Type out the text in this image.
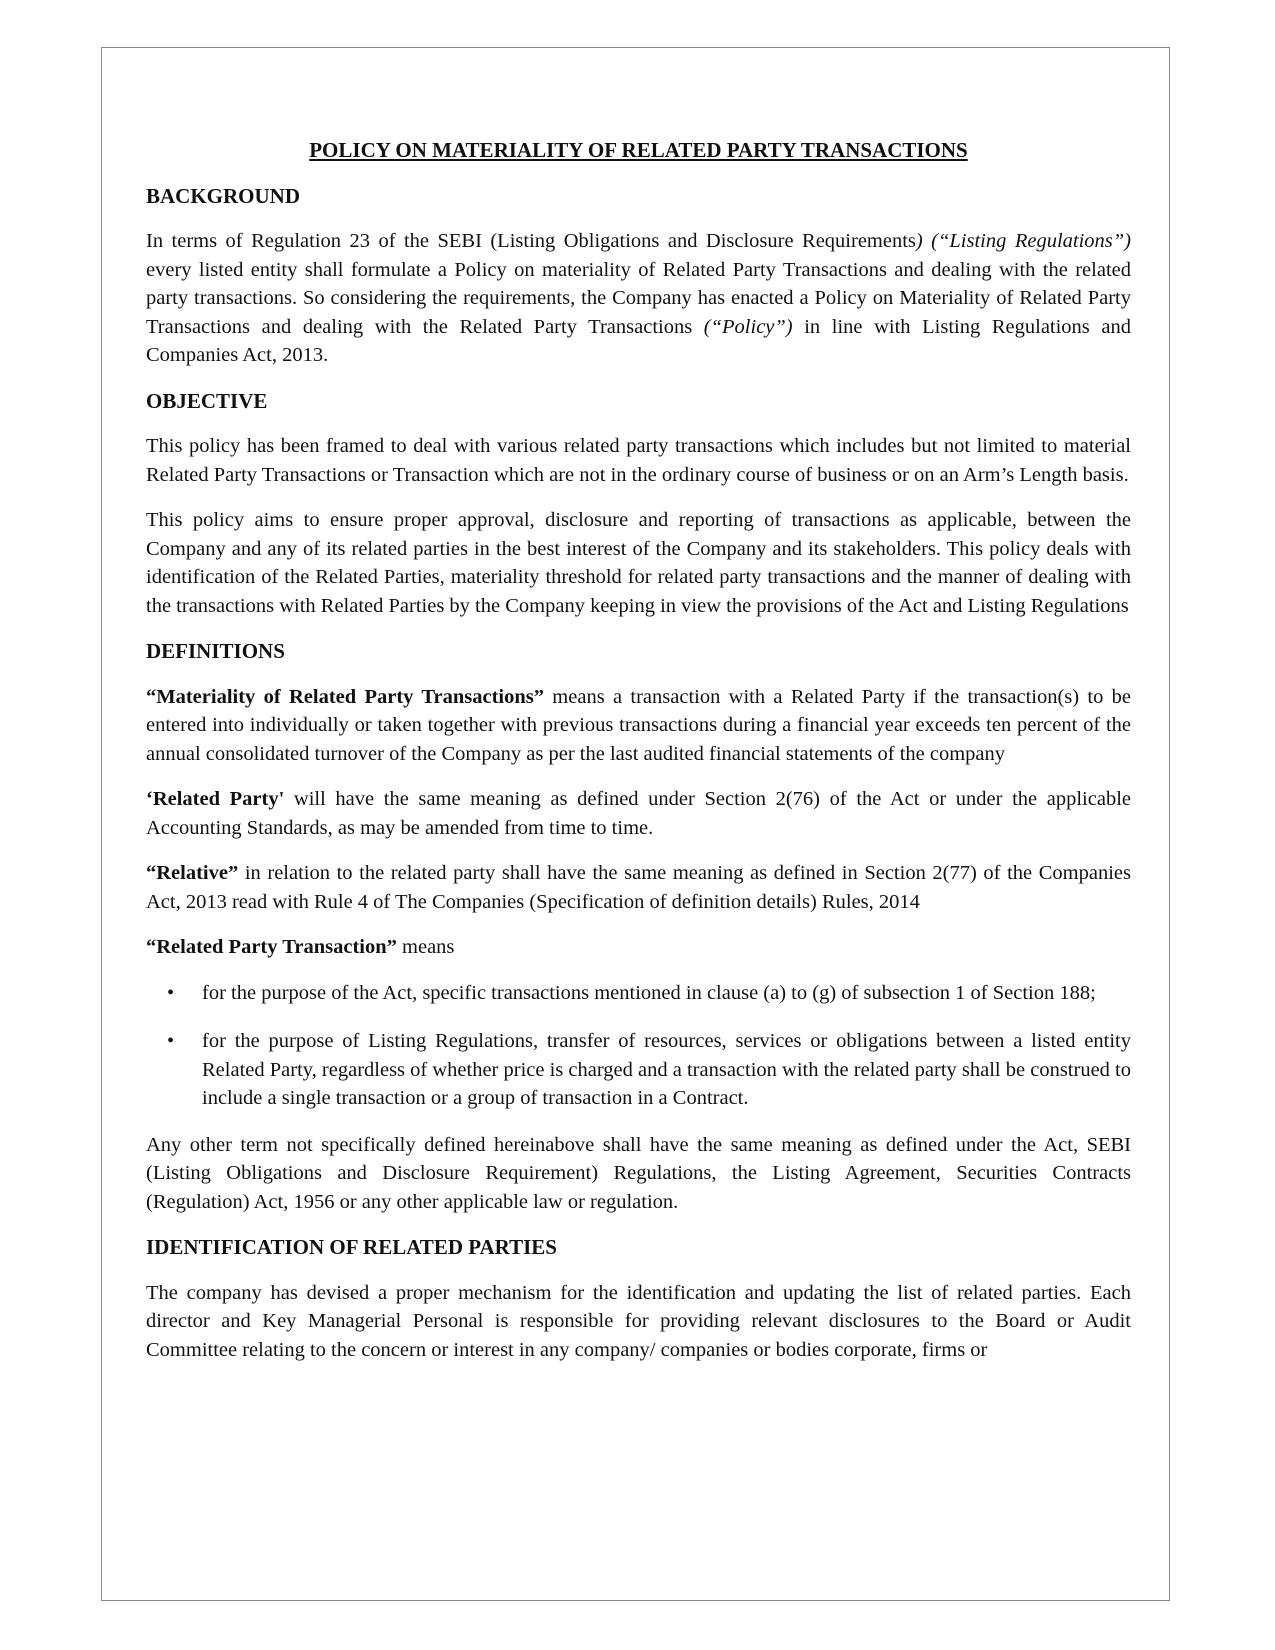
POLICY ON MATERIALITY OF RELATED PARTY TRANSACTIONS
BACKGROUND

In terms of Regulation 23 of the SEBI (Listing Obligations and Disclosure Requirements) (“Listing Regulations”) every listed entity shall formulate a Policy on materiality of Related Party Transactions and dealing with the related party transactions. So considering the requirements, the Company has enacted a Policy on Materiality of Related Party Transactions and dealing with the Related Party Transactions (“Policy”) in line with Listing Regulations and Companies Act, 2013.

OBJECTIVE

This policy has been framed to deal with various related party transactions which includes but not limited to material Related Party Transactions or Transaction which are not in the ordinary course of business or on an Arm’s Length basis.

This policy aims to ensure proper approval, disclosure and reporting of transactions as applicable, between the Company and any of its related parties in the best interest of the Company and its stakeholders. This policy deals with identification of the Related Parties, materiality threshold for related party transactions and the manner of dealing with the transactions with Related Parties by the Company keeping in view the provisions of the Act and Listing Regulations

DEFINITIONS

“Materiality of Related Party Transactions” means a transaction with a Related Party if the transaction(s) to be entered into individually or taken together with previous transactions during a financial year exceeds ten percent of the annual consolidated turnover of the Company as per the last audited financial statements of the company

‘Related Party' will have the same meaning as defined under Section 2(76) of the Act or under the applicable Accounting Standards, as may be amended from time to time.

“Relative” in relation to the related party shall have the same meaning as defined in Section 2(77) of the Companies Act, 2013 read with Rule 4 of The Companies (Specification of definition details) Rules, 2014

“Related Party Transaction” means

• for the purpose of the Act, specific transactions mentioned in clause (a) to (g) of subsection 1 of Section 188;
• for the purpose of Listing Regulations, transfer of resources, services or obligations between a listed entity Related Party, regardless of whether price is charged and a transaction with the related party shall be construed to include a single transaction or a group of transaction in a Contract.

Any other term not specifically defined hereinabove shall have the same meaning as defined under the Act, SEBI (Listing Obligations and Disclosure Requirement) Regulations, the Listing Agreement, Securities Contracts (Regulation) Act, 1956 or any other applicable law or regulation.

IDENTIFICATION OF RELATED PARTIES

The company has devised a proper mechanism for the identification and updating the list of related parties. Each director and Key Managerial Personal is responsible for providing relevant disclosures to the Board or Audit Committee relating to the concern or interest in any company/ companies or bodies corporate, firms or
